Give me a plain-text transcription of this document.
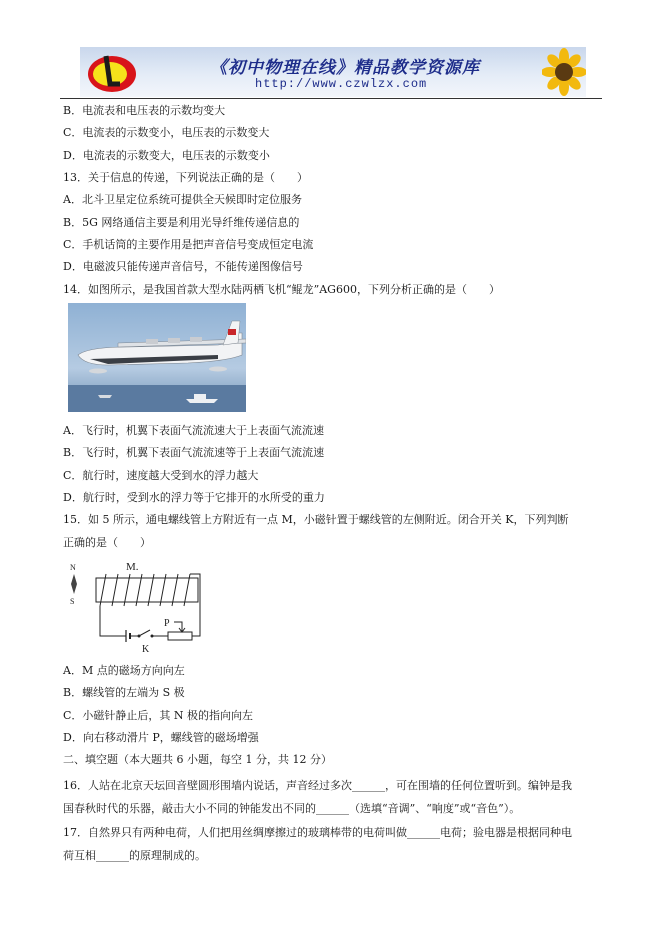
《初中物理在线》精品教学资源库
http://www.czwlzx.com
B．电流表和电压表的示数均变大
C．电流表的示数变小，电压表的示数变大
D．电流表的示数变大，电压表的示数变小
13．关于信息的传递，下列说法正确的是（　　）
A．北斗卫星定位系统可提供全天候即时定位服务
B．5G 网络通信主要是利用光导纤维传递信息的
C．手机话筒的主要作用是把声音信号变成恒定电流
D．电磁波只能传递声音信号，不能传递图像信号
14．如图所示，是我国首款大型水陆两栖飞机“鲲龙”AG600，下列分析正确的是（　　）
A．飞行时，机翼下表面气流流速大于上表面气流流速
B．飞行时，机翼下表面气流流速等于上表面气流流速
C．航行时，速度越大受到水的浮力越大
D．航行时，受到水的浮力等于它排开的水所受的重力
15．如 5 所示，通电螺线管上方附近有一点 M，小磁针置于螺线管的左侧附近。闭合开关 K，下列判断
正确的是（　　）
N
S
M.
K
P
A．M 点的磁场方向向左
B．螺线管的左端为 S 极
C．小磁针静止后，其 N 极的指向向左
D．向右移动滑片 P，螺线管的磁场增强
二、填空题（本大题共 6 小题，每空 1 分，共 12 分）
16．人站在北京天坛回音壁圆形围墙内说话，声音经过多次______，可在围墙的任何位置听到。编钟是我
国春秋时代的乐器，敲击大小不同的钟能发出不同的______（选填“音调”、“响度”或“音色”）。
17．自然界只有两种电荷，人们把用丝绸摩擦过的玻璃棒带的电荷叫做______电荷；验电器是根据同种电
荷互相______的原理制成的。
